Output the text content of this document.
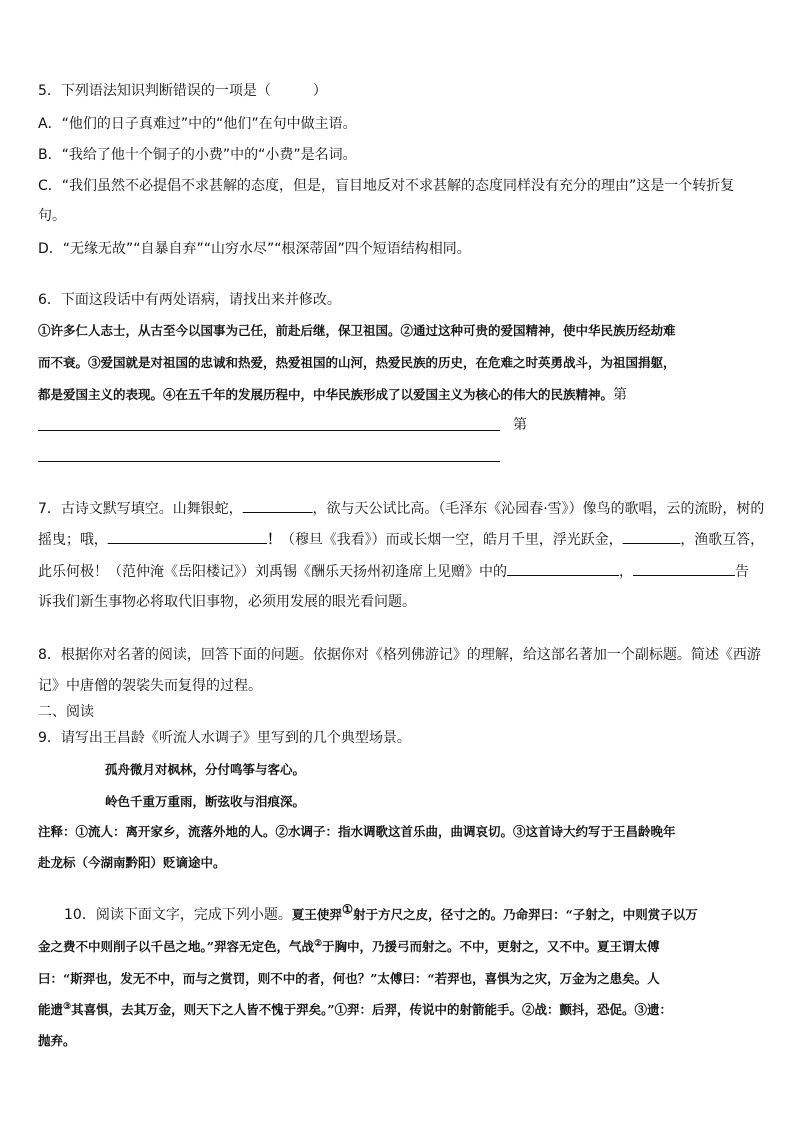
5．下列语法知识判断错误的一项是（	）
A．“他们的日子真难过”中的“他们”在句中做主语。
B．“我给了他十个铜子的小费”中的“小费”是名词。
C．“我们虽然不必提倡不求甚解的态度，但是，盲目地反对不求甚解的态度同样没有充分的理由”这是一个转折复
句。
D．“无缘无故”“自暴自弃”“山穷水尽”“根深蒂固”四个短语结构相同。
6．下面这段话中有两处语病，请找出来并修改。
①许多仁人志士，从古至今以国事为己任，前赴后继，保卫祖国。②通过这种可贵的爱国精神，使中华民族历经劫难
而不衰。③爱国就是对祖国的忠诚和热爱，热爱祖国的山河，热爱民族的历史，在危难之时英勇战斗，为祖国捐躯，
都是爱国主义的表现。④在五千年的发展历程中，中华民族形成了以爱国主义为核心的伟大的民族精神。第
第
7．古诗文默写填空。山舞银蛇，	，欲与天公试比高。（毛泽东《沁园春·雪》）像鸟的歌唱，云的流盼，树的
摇曳；哦，	！（穆旦《我看》）而或长烟一空，皓月千里，浮光跃金，	，渔歌互答，
此乐何极！（范仲淹《岳阳楼记》）刘禹锡《酬乐天扬州初逢席上见赠》中的	，	告
诉我们新生事物必将取代旧事物，必须用发展的眼光看问题。
8．根据你对名著的阅读，回答下面的问题。依据你对《格列佛游记》的理解，给这部名著加一个副标题。简述《西游
记》中唐僧的袈裟失而复得的过程。
二、阅读
9．请写出王昌龄《听流人水调子》里写到的几个典型场景。
孤舟微月对枫林，分付鸣筝与客心。
岭色千重万重雨，断弦收与泪痕深。
注释：①流人：离开家乡，流落外地的人。②水调子：指水调歌这首乐曲，曲调哀切。③这首诗大约写于王昌龄晚年
赴龙标（今湖南黔阳）贬谪途中。
10．阅读下面文字，完成下列小题。夏王使羿①射于方尺之皮，径寸之的。乃命羿曰：“子射之，中则赏子以万
金之费不中则削子以千邑之地。”羿容无定色，气战②于胸中，乃援弓而射之。不中，更射之，又不中。夏王谓太傅
曰：“斯羿也，发无不中，而与之赏罚，则不中的者，何也？”太傅曰：“若羿也，喜惧为之灾，万金为之患矣。人
能遗③其喜惧，去其万金，则天下之人皆不愧于羿矣。”①羿：后羿，传说中的射箭能手。②战：颤抖，恐促。③遗：
抛弃。
